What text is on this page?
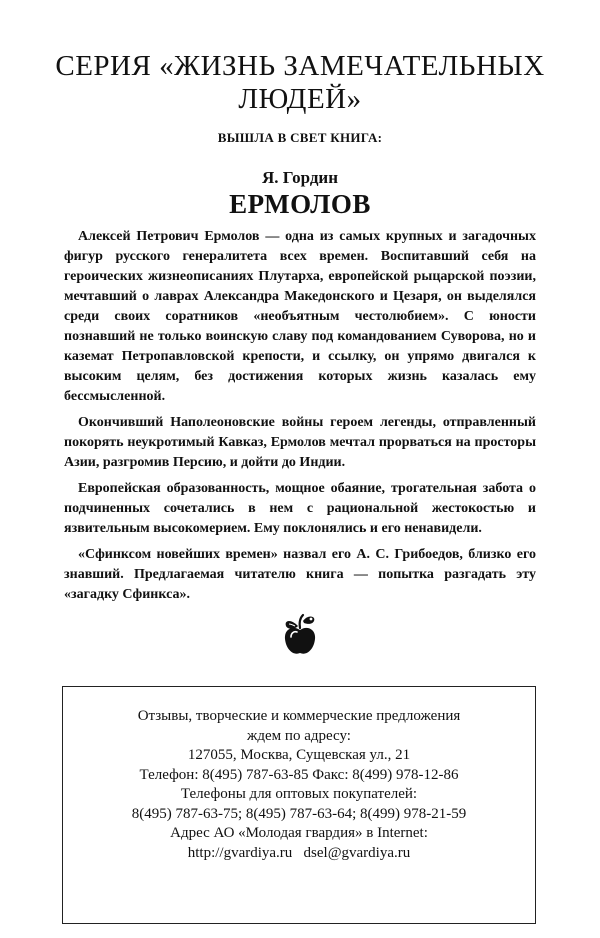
СЕРИЯ «ЖИЗНЬ ЗАМЕЧАТЕЛЬНЫХ
ЛЮДЕЙ»
ВЫШЛА В СВЕТ КНИГА:
Я. Гордин
ЕРМОЛОВ

Алексей Петрович Ермолов — одна из самых крупных и загадочных фигур русского генералитета всех времен. Воспитавший себя на героических жизнеописаниях Плутарха, европейской рыцарской поэзии, мечтавший о лаврах Александра Македонского и Цезаря, он выделялся среди своих соратников «необъятным честолюбием». С юности познавший не только воинскую славу под командованием Суворова, но и каземат Петропавловской крепости, и ссылку, он упрямо двигался к высоким целям, без достижения которых жизнь казалась ему бессмысленной.

Окончивший Наполеоновские войны героем легенды, отправленный покорять неукротимый Кавказ, Ермолов мечтал прорваться на просторы Азии, разгромив Персию, и дойти до Индии.

Европейская образованность, мощное обаяние, трогательная забота о подчиненных сочетались в нем с рациональной жестокостью и язвительным высокомерием. Ему поклонялись и его ненавидели.

«Сфинксом новейших времен» назвал его А. С. Грибоедов, близко его знавший. Предлагаемая читателю книга — попытка разгадать эту «загадку Сфинкса».

Отзывы, творческие и коммерческие предложения
ждем по адресу:
127055, Москва, Сущевская ул., 21
Телефон: 8(495) 787-63-85 Факс: 8(499) 978-12-86
Телефоны для оптовых покупателей:
8(495) 787-63-75; 8(495) 787-63-64; 8(499) 978-21-59
Адрес АО «Молодая гвардия» в Internet:
http://gvardiya.ru dsel@gvardiya.ru
